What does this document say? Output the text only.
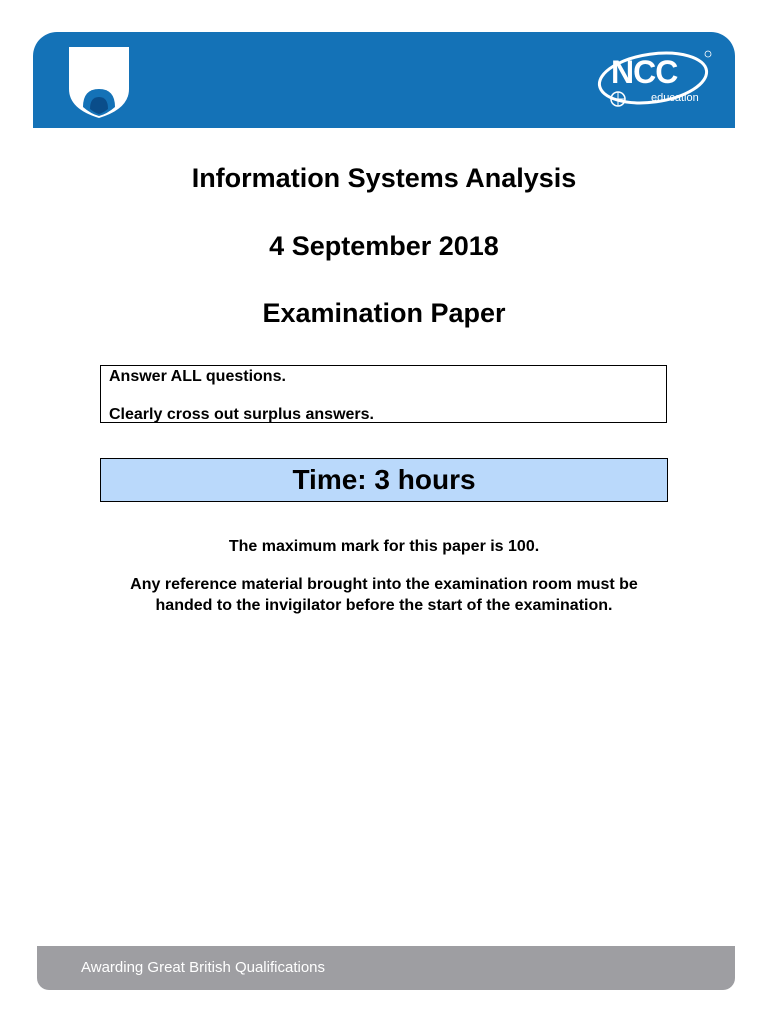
NCC
education
Information Systems Analysis
4 September 2018
Examination Paper

Answer ALL questions.

Clearly cross out surplus answers.

Time: 3 hours

The maximum mark for this paper is 100.

Any reference material brought into the examination room must be
handed to the invigilator before the start of the examination.
Awarding Great British Qualifications
